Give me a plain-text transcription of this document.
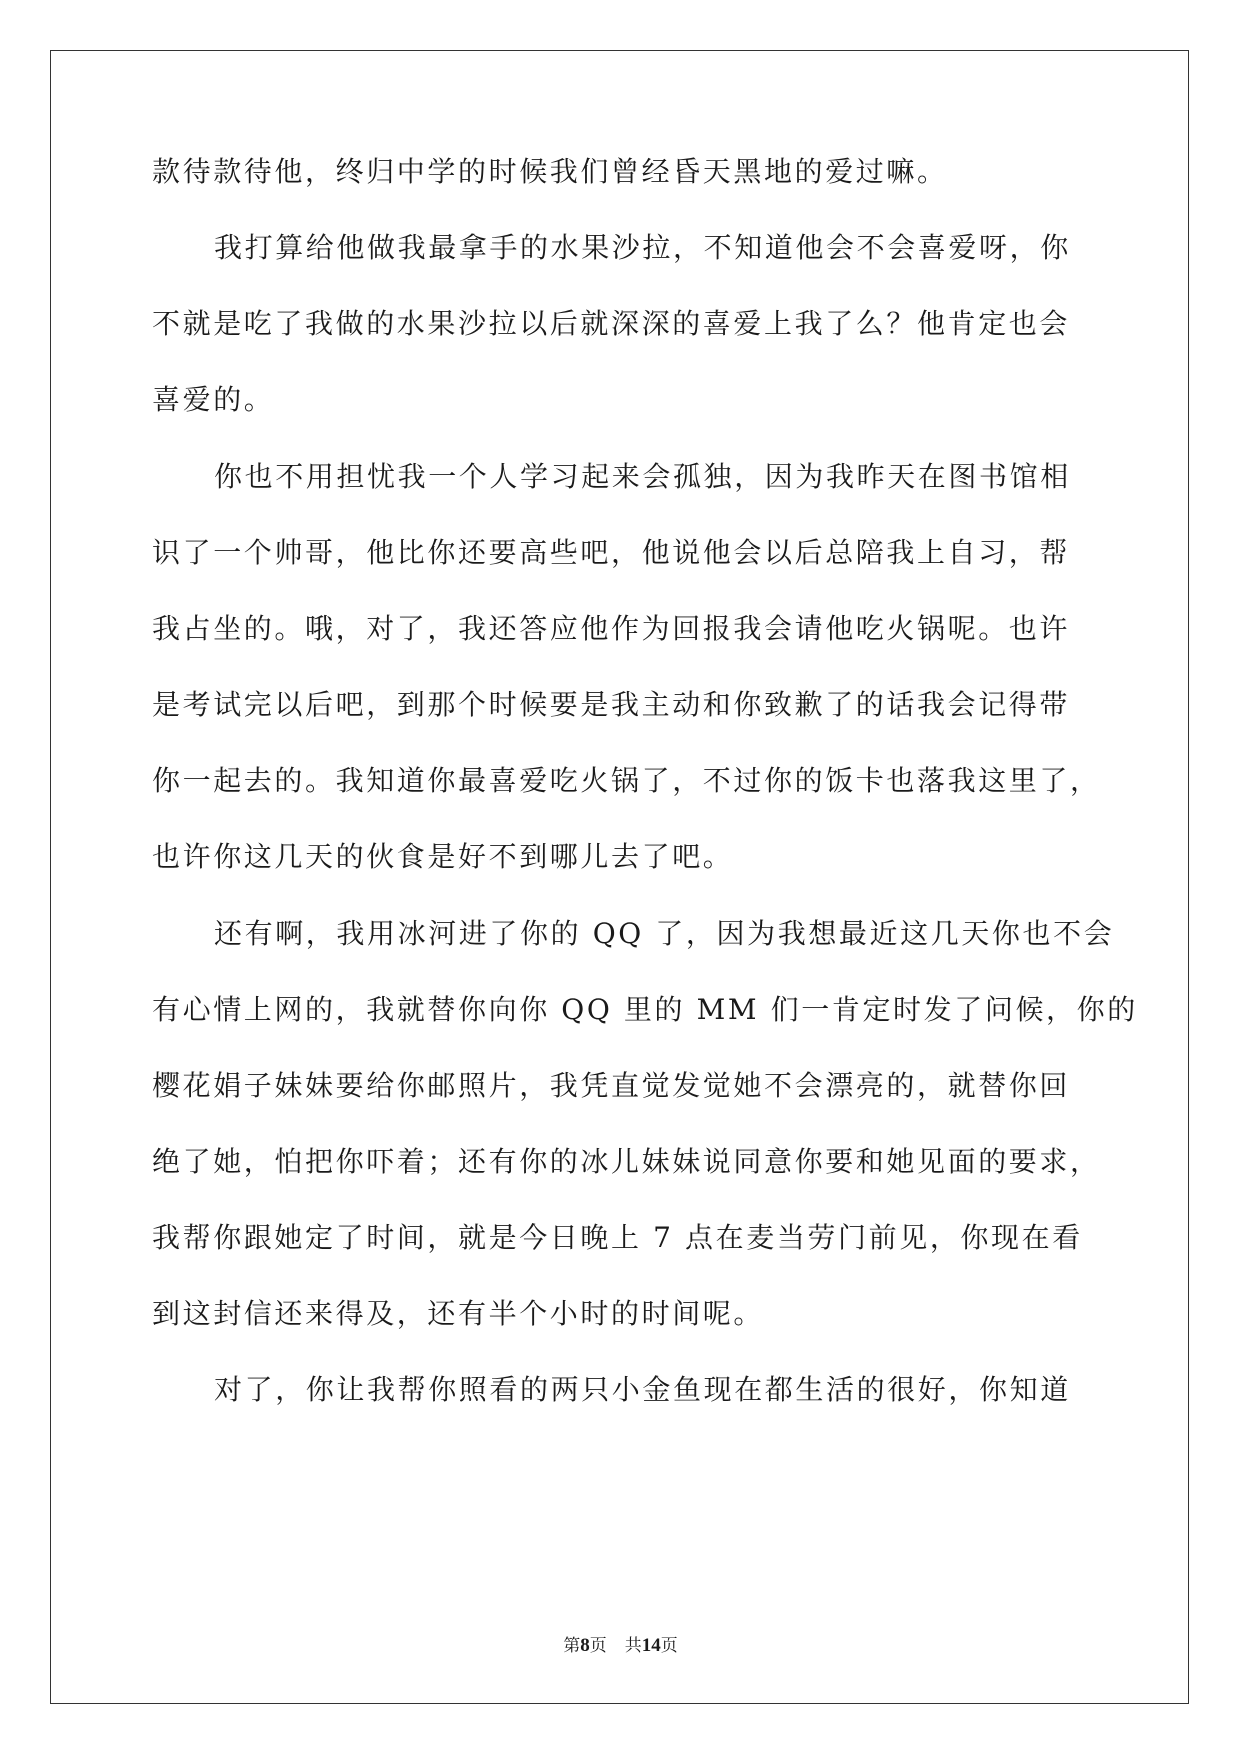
款待款待他，终归中学的时候我们曾经昏天黑地的爱过嘛。
我打算给他做我最拿手的水果沙拉，不知道他会不会喜爱呀，你
不就是吃了我做的水果沙拉以后就深深的喜爱上我了么？他肯定也会
喜爱的。
你也不用担忧我一个人学习起来会孤独，因为我昨天在图书馆相
识了一个帅哥，他比你还要高些吧，他说他会以后总陪我上自习，帮
我占坐的。哦，对了，我还答应他作为回报我会请他吃火锅呢。也许
是考试完以后吧，到那个时候要是我主动和你致歉了的话我会记得带
你一起去的。我知道你最喜爱吃火锅了，不过你的饭卡也落我这里了，
也许你这几天的伙食是好不到哪儿去了吧。
还有啊，我用冰河进了你的 QQ 了，因为我想最近这几天你也不会
有心情上网的，我就替你向你 QQ 里的 MM 们一肯定时发了问候，你的
樱花娟子妹妹要给你邮照片，我凭直觉发觉她不会漂亮的，就替你回
绝了她，怕把你吓着；还有你的冰儿妹妹说同意你要和她见面的要求，
我帮你跟她定了时间，就是今日晚上 7 点在麦当劳门前见，你现在看
到这封信还来得及，还有半个小时的时间呢。
对了，你让我帮你照看的两只小金鱼现在都生活的很好，你知道
第8页 共14页
